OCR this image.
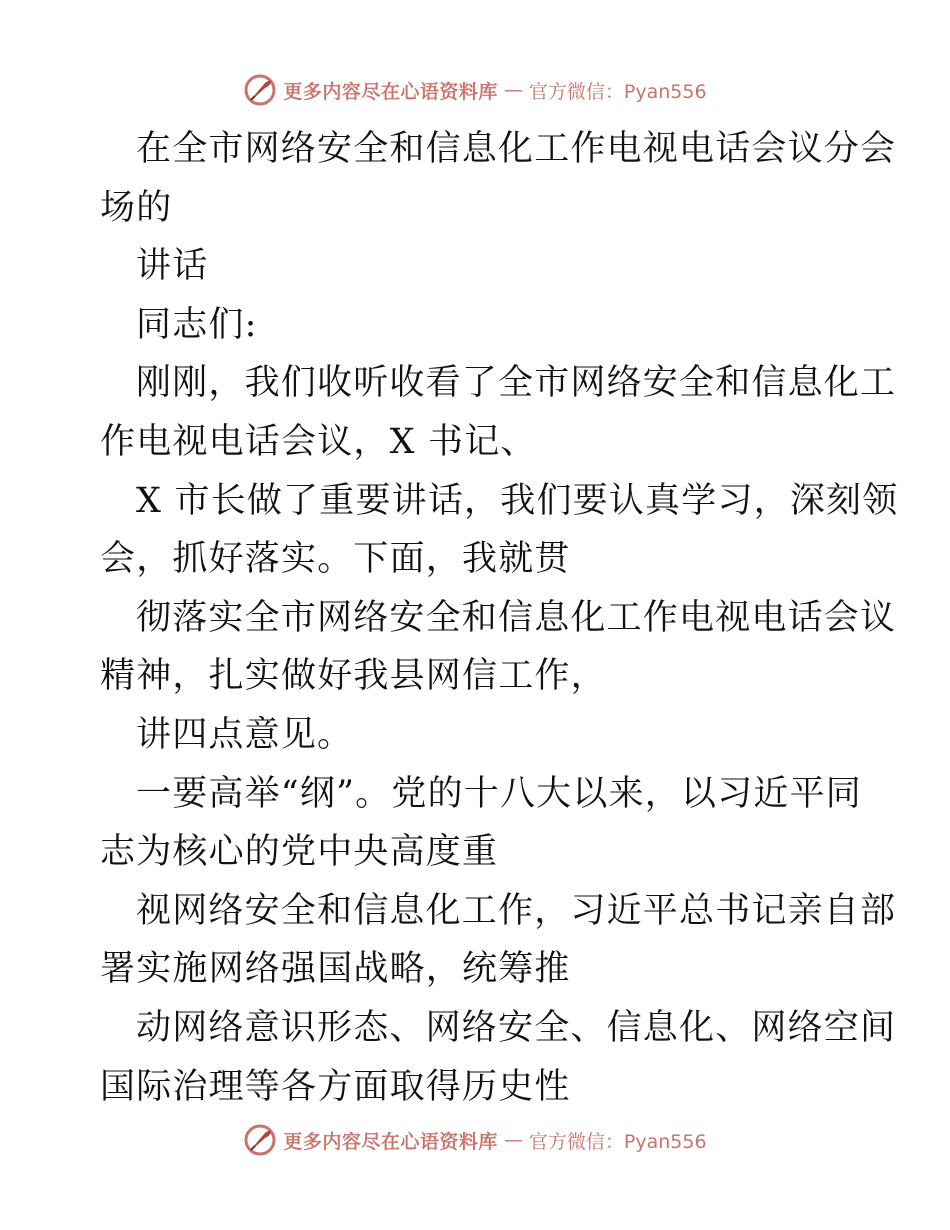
更多内容尽在心语资料库 — 官方微信：Pyan556
在全市网络安全和信息化工作电视电话会议分会
场的
讲话
同志们:
刚刚，我们收听收看了全市网络安全和信息化工
作电视电话会议，X 书记、
X 市长做了重要讲话，我们要认真学习，深刻领
会，抓好落实。下面，我就贯
彻落实全市网络安全和信息化工作电视电话会议
精神，扎实做好我县网信工作，
讲四点意见。
一要高举“纲”。党的十八大以来，以习近平同
志为核心的党中央高度重
视网络安全和信息化工作，习近平总书记亲自部
署实施网络强国战略，统筹推
动网络意识形态、网络安全、信息化、网络空间
国际治理等各方面取得历史性
更多内容尽在心语资料库 — 官方微信：Pyan556
